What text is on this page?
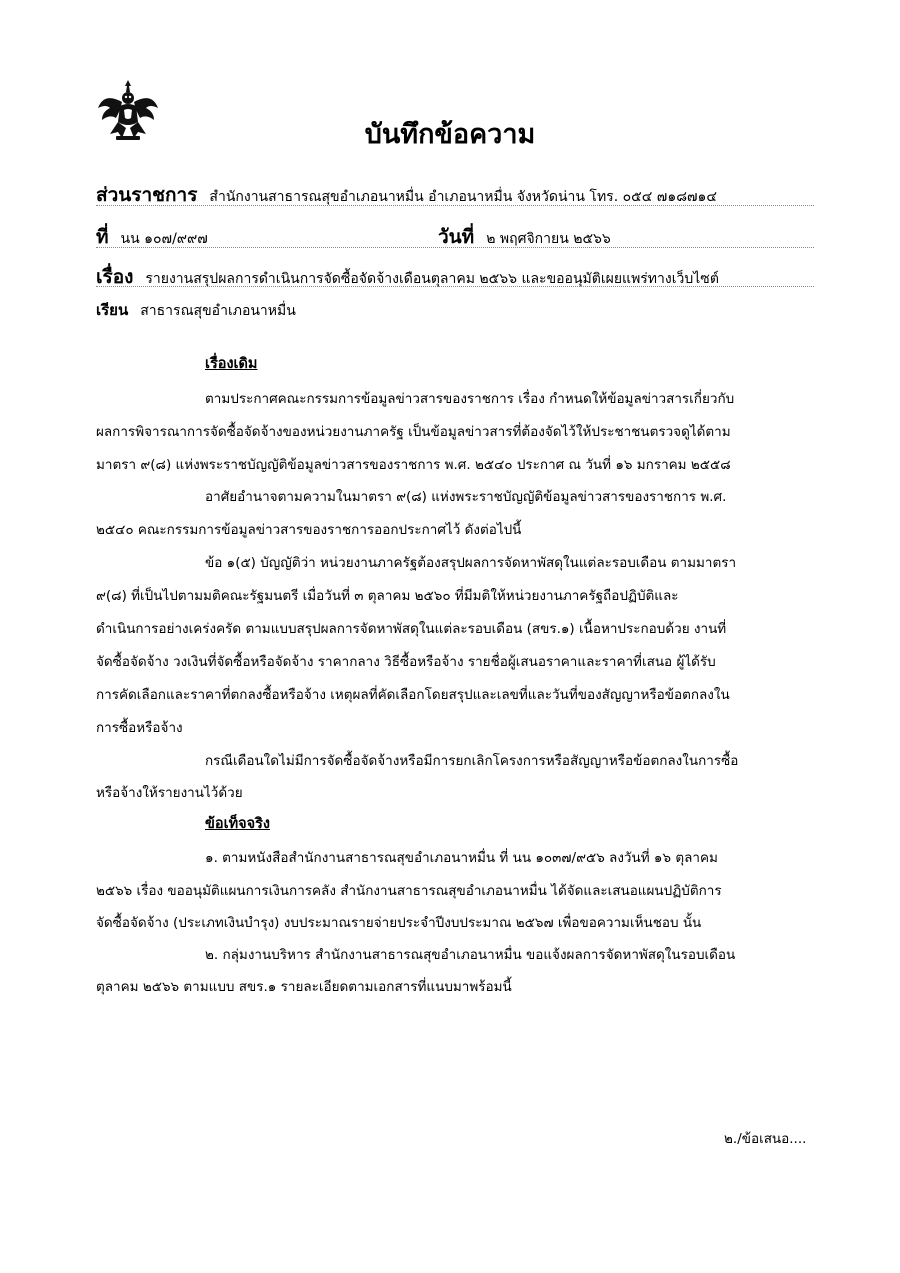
บันทึกข้อความ
ส่วนราชการ สำนักงานสาธารณสุขอำเภอนาหมื่น อำเภอนาหมื่น จังหวัดน่าน โทร. ๐๕๔ ๗๑๘๗๑๔
ที่ นน ๑๐๗/๙๙๗	วันที่ ๒ พฤศจิกายน ๒๕๖๖
เรื่อง รายงานสรุปผลการดำเนินการจัดซื้อจัดจ้างเดือนตุลาคม ๒๕๖๖ และขออนุมัติเผยแพร่ทางเว็บไซต์
เรียน สาธารณสุขอำเภอนาหมื่น
เรื่องเดิม
ตามประกาศคณะกรรมการข้อมูลข่าวสารของราชการ เรื่อง กำหนดให้ข้อมูลข่าวสารเกี่ยวกับ
ผลการพิจารณาการจัดซื้อจัดจ้างของหน่วยงานภาครัฐ เป็นข้อมูลข่าวสารที่ต้องจัดไว้ให้ประชาชนตรวจดูได้ตาม
มาตรา ๙(๘) แห่งพระราชบัญญัติข้อมูลข่าวสารของราชการ พ.ศ. ๒๕๔๐ ประกาศ ณ วันที่ ๑๖ มกราคม ๒๕๕๘
อาศัยอำนาจตามความในมาตรา ๙(๘) แห่งพระราชบัญญัติข้อมูลข่าวสารของราชการ พ.ศ.
๒๕๔๐ คณะกรรมการข้อมูลข่าวสารของราชการออกประกาศไว้ ดังต่อไปนี้
ข้อ ๑(๕) บัญญัติว่า หน่วยงานภาครัฐต้องสรุปผลการจัดหาพัสดุในแต่ละรอบเดือน ตามมาตรา
๙(๘) ที่เป็นไปตามมติคณะรัฐมนตรี เมื่อวันที่ ๓ ตุลาคม ๒๕๖๐ ที่มีมติให้หน่วยงานภาครัฐถือปฏิบัติและ
ดำเนินการอย่างเคร่งครัด ตามแบบสรุปผลการจัดหาพัสดุในแต่ละรอบเดือน (สขร.๑) เนื้อหาประกอบด้วย งานที่
จัดซื้อจัดจ้าง วงเงินที่จัดซื้อหรือจัดจ้าง ราคากลาง วิธีซื้อหรือจ้าง รายชื่อผู้เสนอราคาและราคาที่เสนอ ผู้ได้รับ
การคัดเลือกและราคาที่ตกลงซื้อหรือจ้าง เหตุผลที่คัดเลือกโดยสรุปและเลขที่และวันที่ของสัญญาหรือข้อตกลงใน
การซื้อหรือจ้าง
กรณีเดือนใดไม่มีการจัดซื้อจัดจ้างหรือมีการยกเลิกโครงการหรือสัญญาหรือข้อตกลงในการซื้อ
หรือจ้างให้รายงานไว้ด้วย
ข้อเท็จจริง
๑. ตามหนังสือสำนักงานสาธารณสุขอำเภอนาหมื่น ที่ นน ๑๐๓๗/๙๕๖ ลงวันที่ ๑๖ ตุลาคม
๒๕๖๖ เรื่อง ขออนุมัติแผนการเงินการคลัง สำนักงานสาธารณสุขอำเภอนาหมื่น ได้จัดและเสนอแผนปฏิบัติการ
จัดซื้อจัดจ้าง (ประเภทเงินบำรุง) งบประมาณรายจ่ายประจำปีงบประมาณ ๒๕๖๗ เพื่อขอความเห็นชอบ นั้น
๒. กลุ่มงานบริหาร สำนักงานสาธารณสุขอำเภอนาหมื่น ขอแจ้งผลการจัดหาพัสดุในรอบเดือน
ตุลาคม ๒๕๖๖ ตามแบบ สขร.๑ รายละเอียดตามเอกสารที่แนบมาพร้อมนี้
๒./ข้อเสนอ....
